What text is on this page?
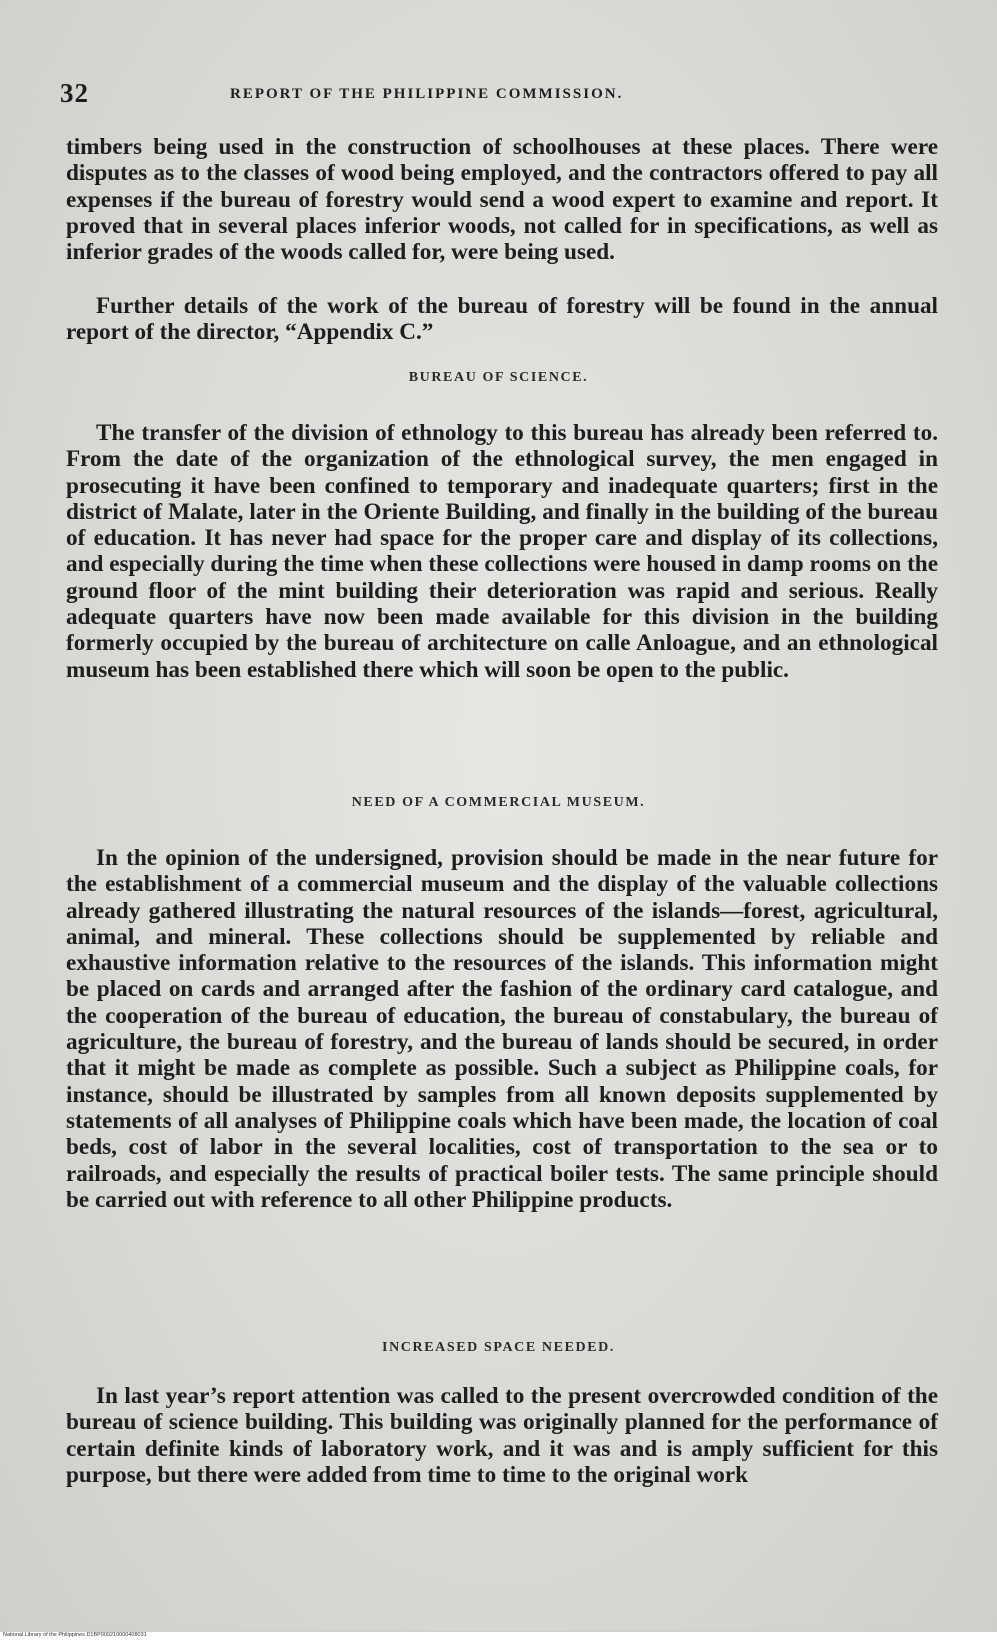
32	REPORT OF THE PHILIPPINE COMMISSION.

timbers being used in the construction of schoolhouses at these places. There were disputes as to the classes of wood being employed, and the contractors offered to pay all expenses if the bureau of forestry would send a wood expert to examine and report. It proved that in several places inferior woods, not called for in specifications, as well as inferior grades of the woods called for, were being used.

Further details of the work of the bureau of forestry will be found in the annual report of the director, “Appendix C.”

BUREAU OF SCIENCE.

The transfer of the division of ethnology to this bureau has already been referred to. From the date of the organization of the ethnological survey, the men engaged in prosecuting it have been confined to temporary and inadequate quarters; first in the district of Malate, later in the Oriente Building, and finally in the building of the bureau of education. It has never had space for the proper care and display of its collections, and especially during the time when these collections were housed in damp rooms on the ground floor of the mint building their deterioration was rapid and serious. Really adequate quarters have now been made available for this division in the building formerly occupied by the bureau of architecture on calle Anloague, and an ethnological museum has been established there which will soon be open to the public.

NEED OF A COMMERCIAL MUSEUM.

In the opinion of the undersigned, provision should be made in the near future for the establishment of a commercial museum and the display of the valuable collections already gathered illustrating the natural resources of the islands—forest, agricultural, animal, and mineral. These collections should be supplemented by reliable and exhaustive information relative to the resources of the islands. This information might be placed on cards and arranged after the fashion of the ordinary card catalogue, and the cooperation of the bureau of education, the bureau of constabulary, the bureau of agriculture, the bureau of forestry, and the bureau of lands should be secured, in order that it might be made as complete as possible. Such a subject as Philippine coals, for instance, should be illustrated by samples from all known deposits supplemented by statements of all analyses of Philippine coals which have been made, the location of coal beds, cost of labor in the several localities, cost of transportation to the sea or to railroads, and especially the results of practical boiler tests. The same principle should be carried out with reference to all other Philippine products.

INCREASED SPACE NEEDED.

In last year’s report attention was called to the present overcrowded condition of the bureau of science building. This building was originally planned for the performance of certain definite kinds of laboratory work, and it was and is amply sufficient for this purpose, but there were added from time to time to the original work

National Library of the Philippines D1BP000210000408031
